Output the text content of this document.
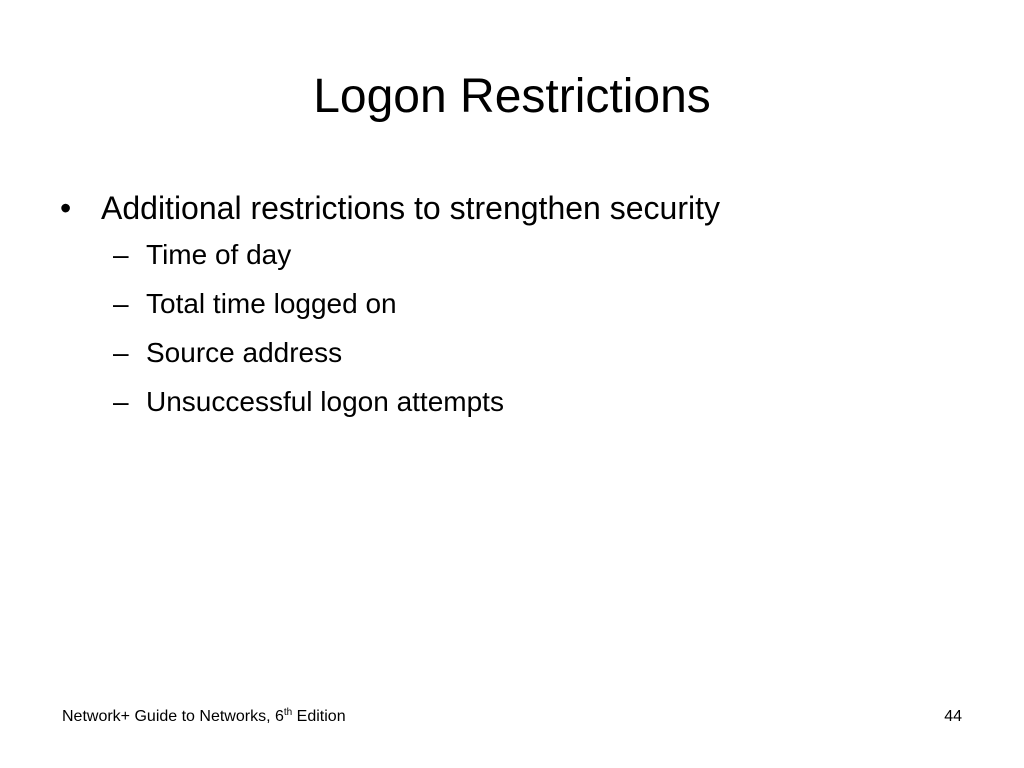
Logon Restrictions
• Additional restrictions to strengthen security
– Time of day
– Total time logged on
– Source address
– Unsuccessful logon attempts
Network+ Guide to Networks, 6th Edition	44
